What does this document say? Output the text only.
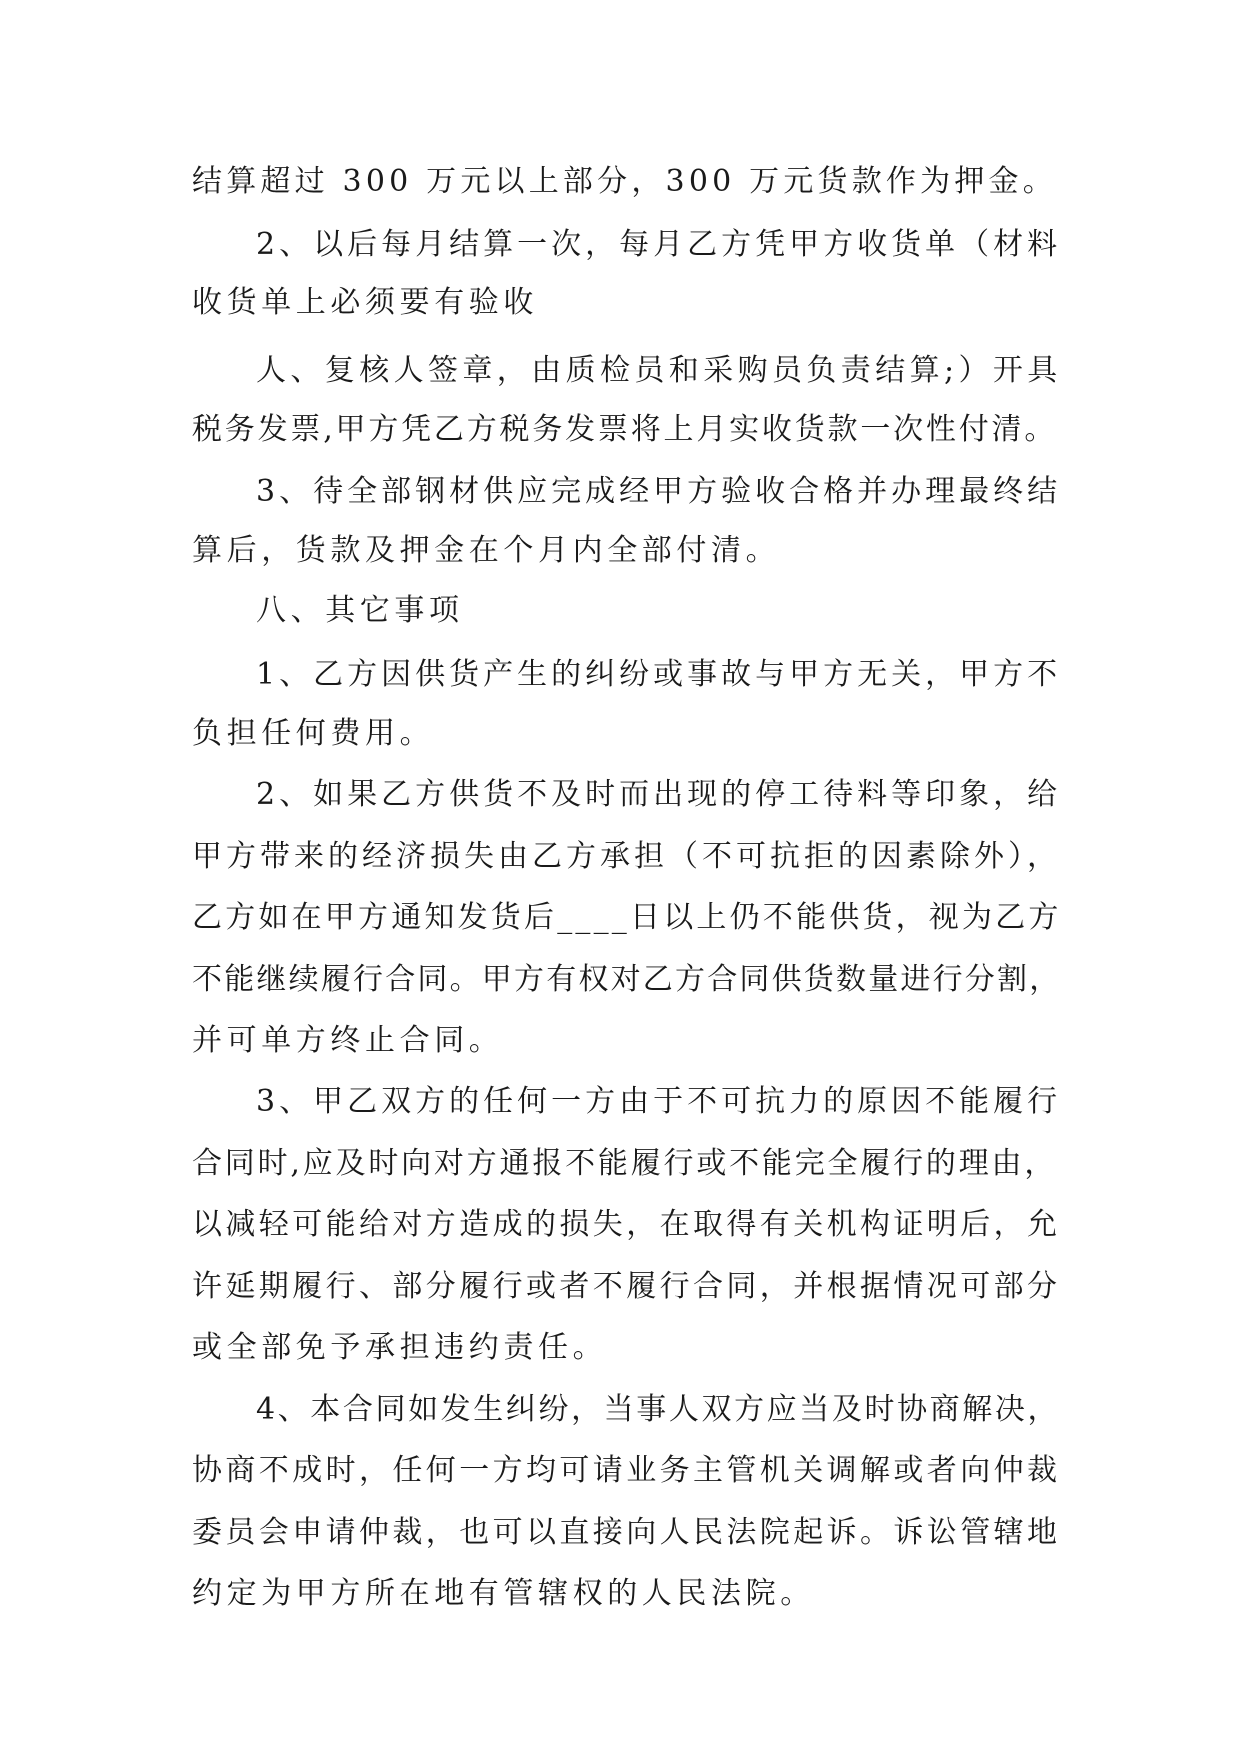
结算超过 300 万元以上部分，300 万元货款作为押金。
2、以后每月结算一次，每月乙方凭甲方收货单（材料
收货单上必须要有验收
人、复核人签章，由质检员和采购员负责结算;）开具
税务发票,甲方凭乙方税务发票将上月实收货款一次性付清。
3、待全部钢材供应完成经甲方验收合格并办理最终结
算后，货款及押金在个月内全部付清。
八、其它事项
1、乙方因供货产生的纠纷或事故与甲方无关，甲方不
负担任何费用。
2、如果乙方供货不及时而出现的停工待料等印象，给
甲方带来的经济损失由乙方承担（不可抗拒的因素除外），
乙方如在甲方通知发货后____日以上仍不能供货，视为乙方
不能继续履行合同。甲方有权对乙方合同供货数量进行分割，
并可单方终止合同。
3、甲乙双方的任何一方由于不可抗力的原因不能履行
合同时,应及时向对方通报不能履行或不能完全履行的理由，
以减轻可能给对方造成的损失，在取得有关机构证明后，允
许延期履行、部分履行或者不履行合同，并根据情况可部分
或全部免予承担违约责任。
4、本合同如发生纠纷，当事人双方应当及时协商解决，
协商不成时，任何一方均可请业务主管机关调解或者向仲裁
委员会申请仲裁，也可以直接向人民法院起诉。诉讼管辖地
约定为甲方所在地有管辖权的人民法院。
